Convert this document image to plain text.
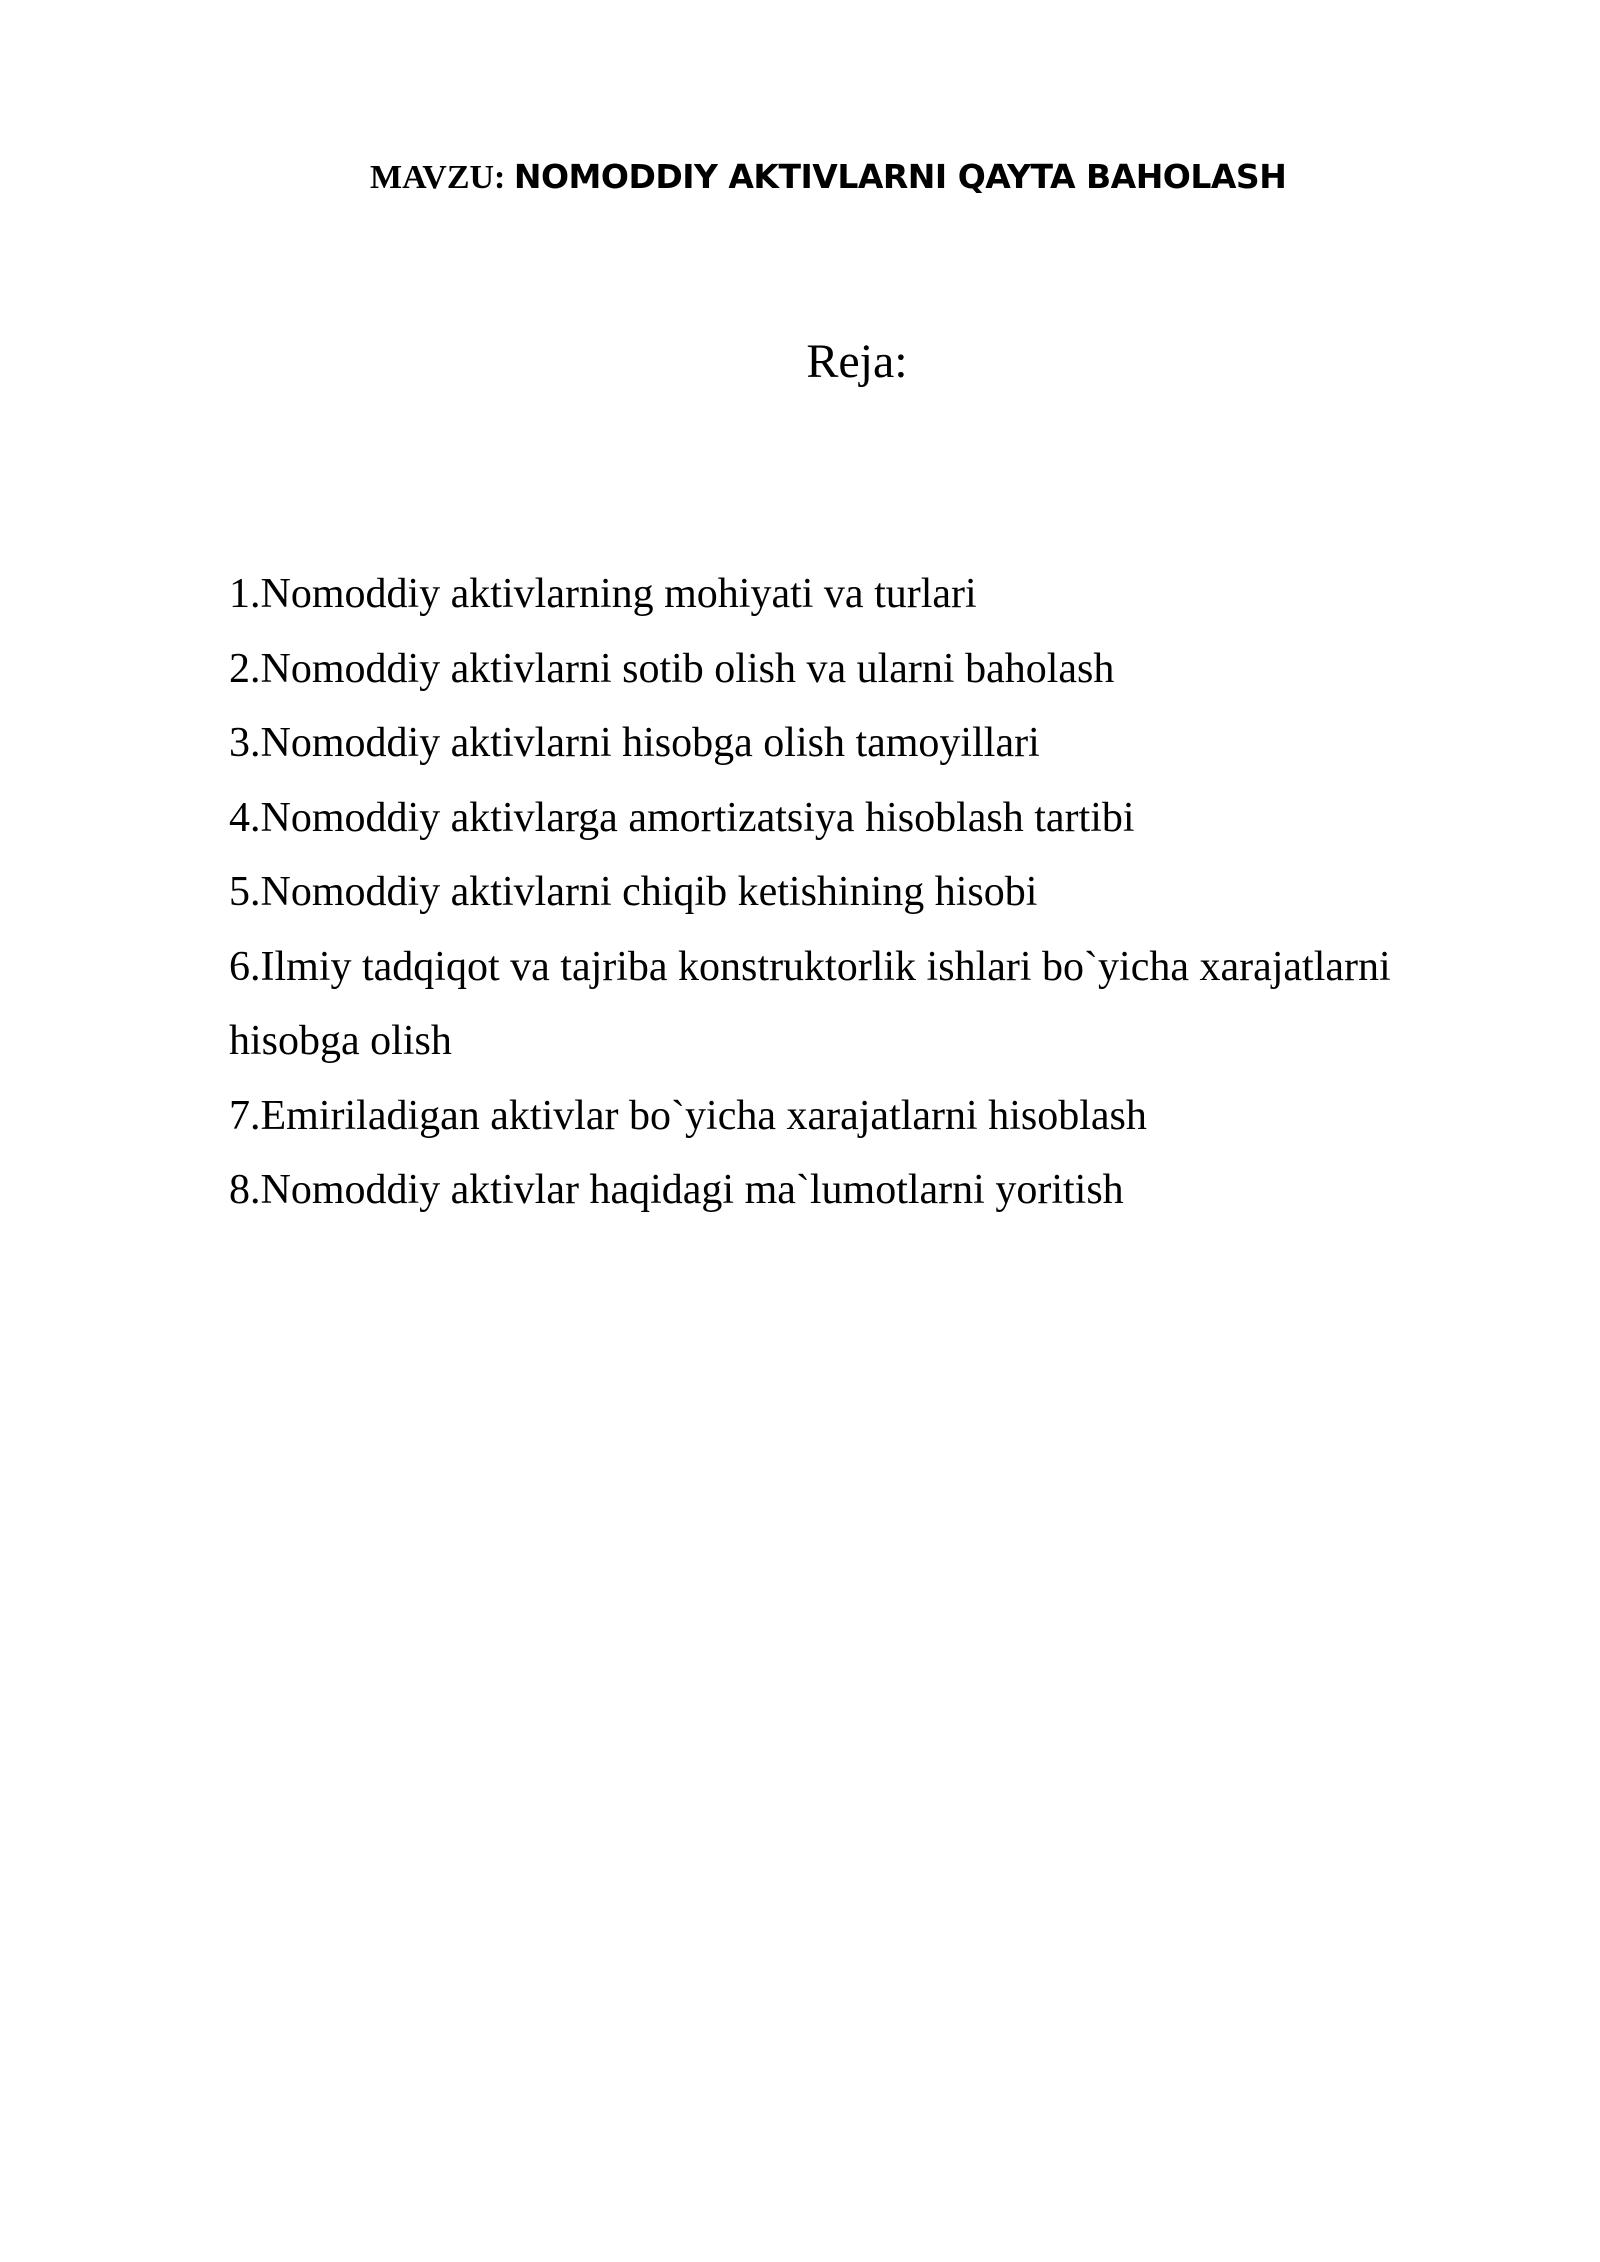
MAVZU: NOMODDIY AKTIVLARNI QAYTA BAHOLASH
Reja:
1.Nomoddiy aktivlarning mohiyati va turlari
2.Nomoddiy aktivlarni sotib olish va ularni baholash
3.Nomoddiy aktivlarni hisobga olish tamoyillari
4.Nomoddiy aktivlarga amortizatsiya hisoblash tartibi
5.Nomoddiy aktivlarni chiqib ketishining hisobi
6.Ilmiy tadqiqot va tajriba konstruktorlik ishlari bo`yicha xarajatlarni hisobga olish
7.Emiriladigan aktivlar bo`yicha xarajatlarni hisoblash
8.Nomoddiy aktivlar haqidagi ma`lumotlarni yoritish
